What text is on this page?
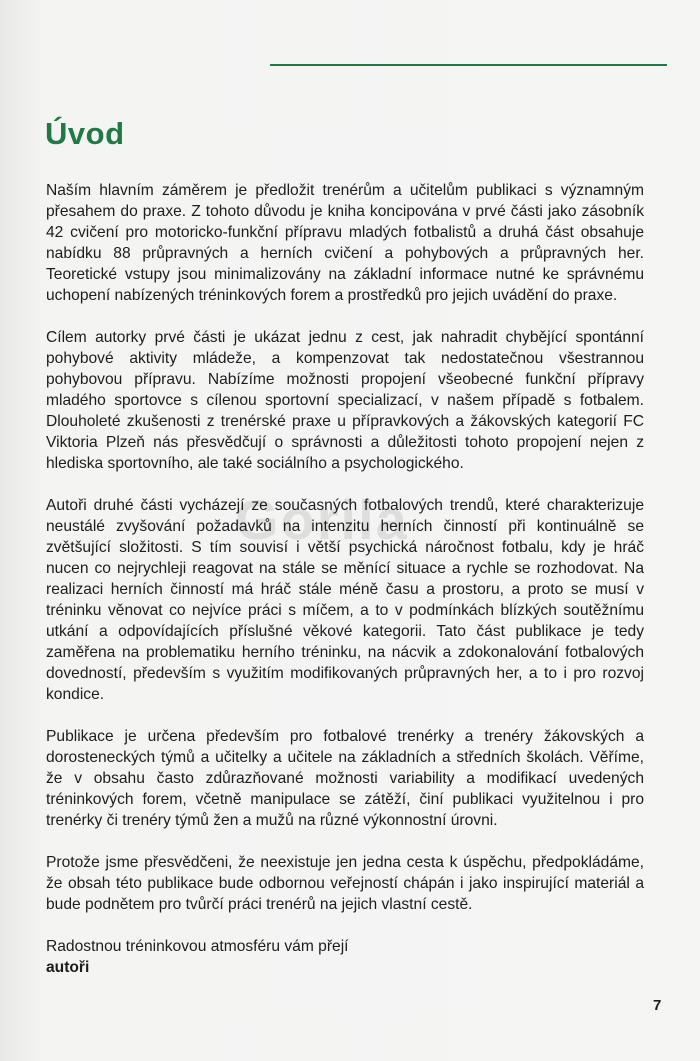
Úvod
Gorila

Naším hlavním záměrem je předložit trenérům a učitelům publikaci s významným přesahem do praxe. Z tohoto důvodu je kniha koncipována v prvé části jako zásobník 42 cvičení pro motoricko-funkční přípravu mladých fotbalistů a druhá část obsahuje nabídku 88 průpravných a herních cvičení a pohybových a průpravných her. Teoretické vstupy jsou minimalizovány na základní informace nutné ke správnému uchopení nabízených tréninkových forem a prostředků pro jejich uvádění do praxe.

Cílem autorky prvé části je ukázat jednu z cest, jak nahradit chybějící spontánní pohybové aktivity mládeže, a kompenzovat tak nedostatečnou všestrannou pohybovou přípravu. Nabízíme možnosti propojení všeobecné funkční přípravy mladého sportovce s cílenou sportovní specializací, v našem případě s fotbalem. Dlouholeté zkušenosti z trenérské praxe u přípravkových a žákovských kategorií FC Viktoria Plzeň nás přesvědčují o správnosti a důležitosti tohoto propojení nejen z hlediska sportovního, ale také sociálního a psychologického.

Autoři druhé části vycházejí ze současných fotbalových trendů, které charakterizuje neustálé zvyšování požadavků na intenzitu herních činností při kontinuálně se zvětšující složitosti. S tím souvisí i větší psychická náročnost fotbalu, kdy je hráč nucen co nejrychleji reagovat na stále se měnící situace a rychle se rozhodovat. Na realizaci herních činností má hráč stále méně času a prostoru, a proto se musí v tréninku věnovat co nejvíce práci s míčem, a to v podmínkách blízkých soutěžnímu utkání a odpovídajících příslušné věkové kategorii. Tato část publikace je tedy zaměřena na problematiku herního tréninku, na nácvik a zdokonalování fotbalových dovedností, především s využitím modifikovaných průpravných her, a to i pro rozvoj kondice.

Publikace je určena především pro fotbalové trenérky a trenéry žákovských a dorosteneckých týmů a učitelky a učitele na základních a středních školách. Věříme, že v obsahu často zdůrazňované možnosti variability a modifikací uvedených tréninkových forem, včetně manipulace se zátěží, činí publikaci využitelnou i pro trenérky či trenéry týmů žen a mužů na různé výkonnostní úrovni.

Protože jsme přesvědčeni, že neexistuje jen jedna cesta k úspěchu, předpokládáme, že obsah této publikace bude odbornou veřejností chápán i jako inspirující materiál a bude podnětem pro tvůrčí práci trenérů na jejich vlastní cestě.

Radostnou tréninkovou atmosféru vám přejí

autoři

7
